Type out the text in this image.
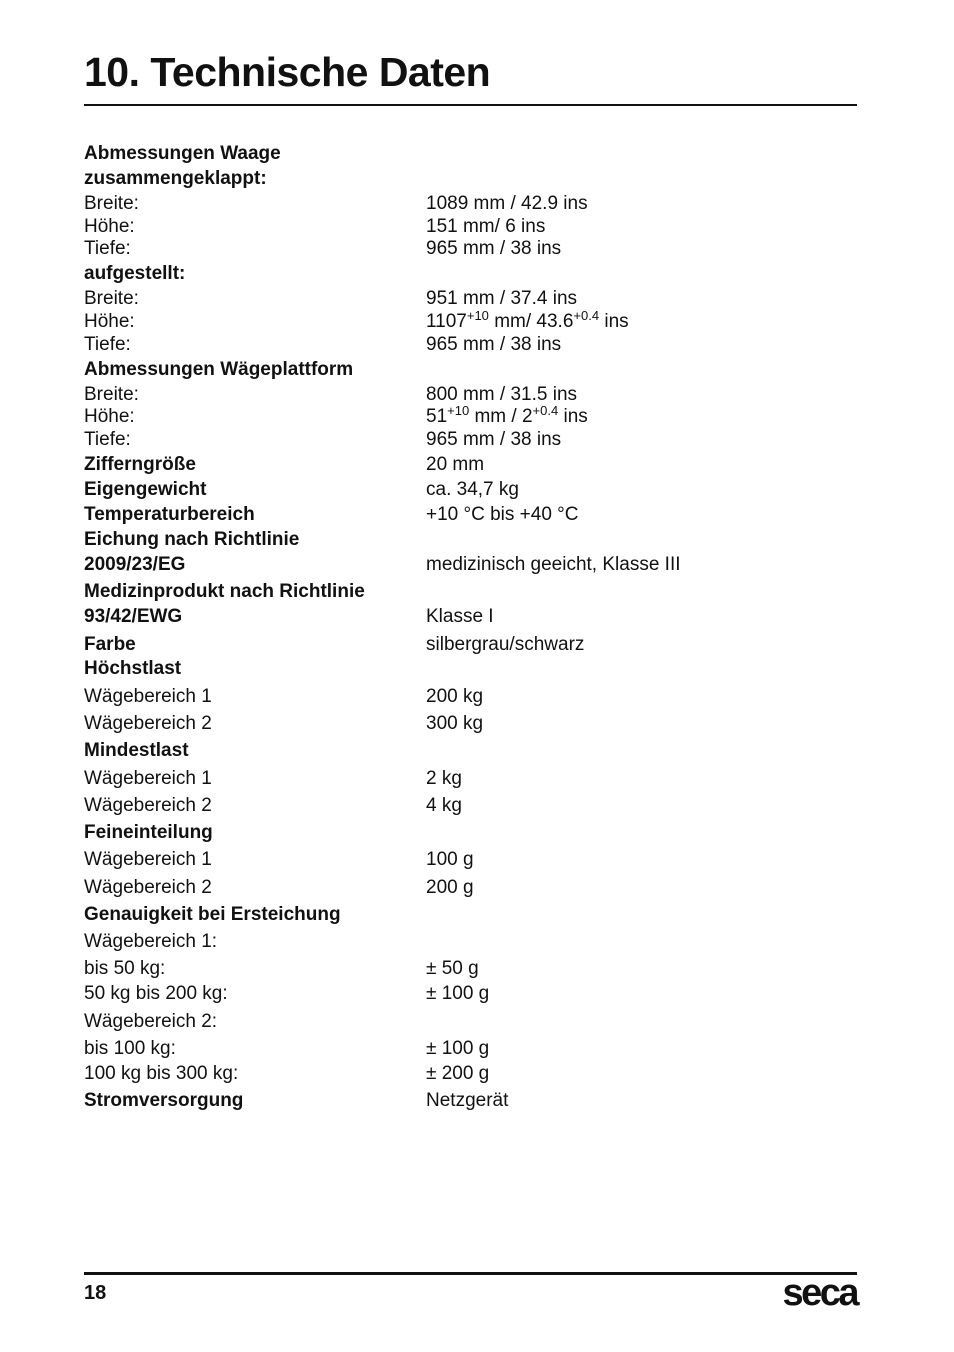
10. Technische Daten
Abmessungen Waage
zusammengeklappt:
Breite:	1089 mm / 42.9 ins
Höhe:	151 mm/ 6 ins
Tiefe:	965 mm / 38 ins
aufgestellt:
Breite:	951 mm / 37.4 ins
Höhe:	$1107^{+10}$ mm/ $43.6^{+0.4}$ ins
Tiefe:	965 mm / 38 ins
Abmessungen Wägeplattform
Breite:	800 mm / 31.5 ins
Höhe:	$51^{+10}$ mm / $2^{+0.4}$ ins
Tiefe:	965 mm / 38 ins
Zifferngröße	20 mm
Eigengewicht	ca. 34,7 kg
Temperaturbereich	+10 °C bis +40 °C
Eichung nach Richtlinie
2009/23/EG	medizinisch geeicht, Klasse III
Medizinprodukt nach Richtlinie
93/42/EWG	Klasse I
Farbe	silbergrau/schwarz
Höchstlast
Wägebereich 1	200 kg
Wägebereich 2	300 kg
Mindestlast
Wägebereich 1	2 kg
Wägebereich 2	4 kg
Feineinteilung
Wägebereich 1	100 g
Wägebereich 2	200 g
Genauigkeit bei Ersteichung
Wägebereich 1:
bis 50 kg:	± 50 g
50 kg bis 200 kg:	± 100 g
Wägebereich 2:
bis 100 kg:	± 100 g
100 kg bis 300 kg:	± 200 g
Stromversorgung	Netzgerät
18	seca
